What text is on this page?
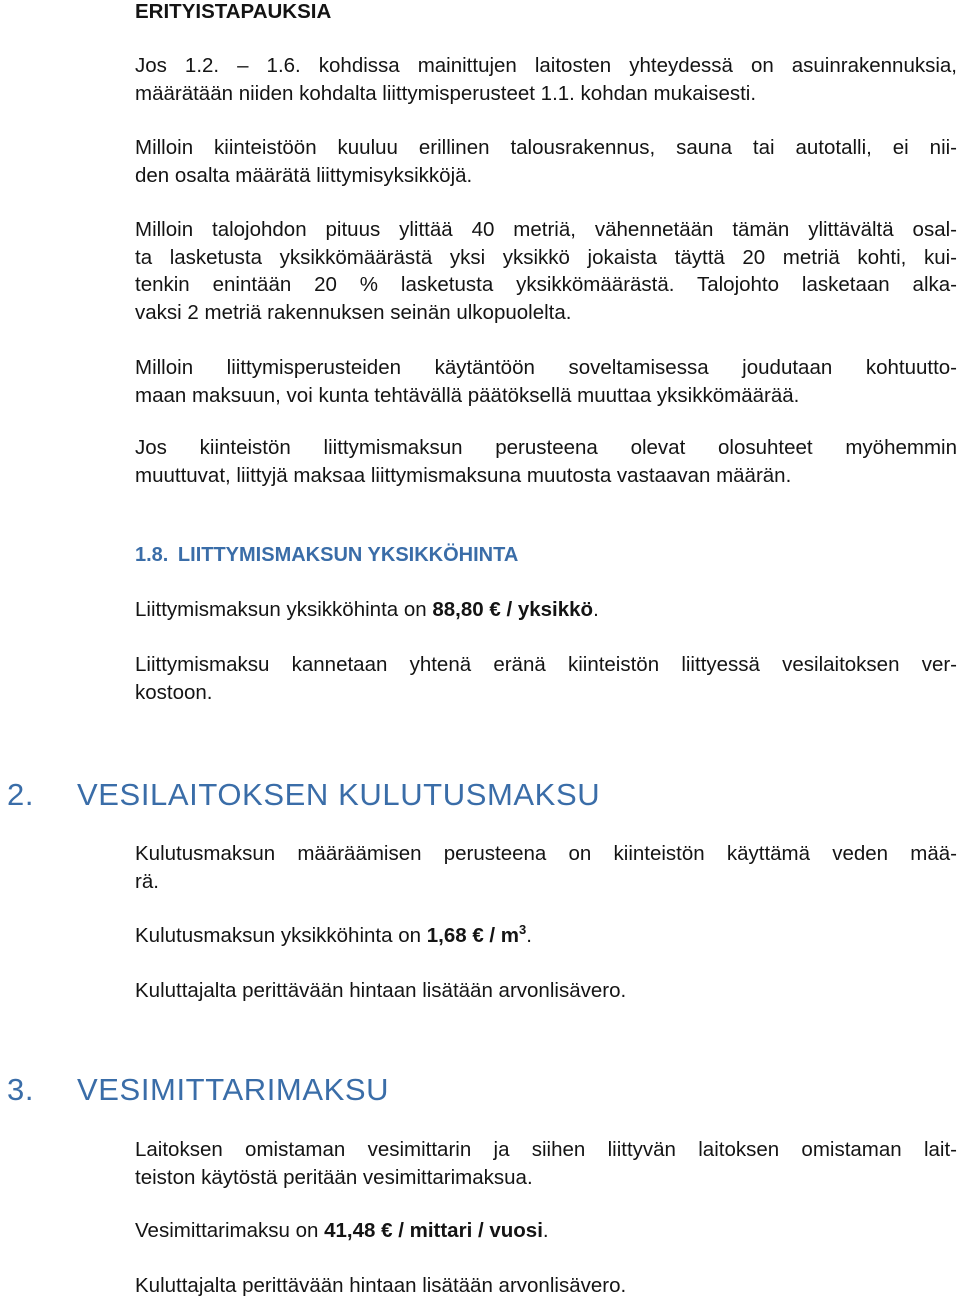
ERITYISTAPAUKSIA
Jos 1.2. – 1.6. kohdissa mainittujen laitosten yhteydessä on asuinrakennuksia,
määrätään niiden kohdalta liittymisperusteet 1.1. kohdan mukaisesti.
Milloin kiinteistöön kuuluu erillinen talousrakennus, sauna tai autotalli, ei nii-
den osalta määrätä liittymisyksikköjä.
Milloin talojohdon pituus ylittää 40 metriä, vähennetään tämän ylittävältä osal-
ta lasketusta yksikkömäärästä yksi yksikkö jokaista täyttä 20 metriä kohti, kui-
tenkin enintään 20 % lasketusta yksikkömäärästä. Talojohto lasketaan alka-
vaksi 2 metriä rakennuksen seinän ulkopuolelta.
Milloin liittymisperusteiden käytäntöön soveltamisessa joudutaan kohtuutto-
maan maksuun, voi kunta tehtävällä päätöksellä muuttaa yksikkömäärää.
Jos kiinteistön liittymismaksun perusteena olevat olosuhteet myöhemmin
muuttuvat, liittyjä maksaa liittymismaksuna muutosta vastaavan määrän.
1.8. LIITTYMISMAKSUN YKSIKKÖHINTA
Liittymismaksun yksikköhinta on 88,80 € / yksikkö.
Liittymismaksu kannetaan yhtenä eränä kiinteistön liittyessä vesilaitoksen ver-
kostoon.
2. VESILAITOKSEN KULUTUSMAKSU
Kulutusmaksun määräämisen perusteena on kiinteistön käyttämä veden mää-
rä.
Kulutusmaksun yksikköhinta on 1,68 € / $m^3$.
Kuluttajalta perittävään hintaan lisätään arvonlisävero.
3. VESIMITTARIMAKSU
Laitoksen omistaman vesimittarin ja siihen liittyvän laitoksen omistaman lait-
teiston käytöstä peritään vesimittarimaksua.
Vesimittarimaksu on 41,48 € / mittari / vuosi.
Kuluttajalta perittävään hintaan lisätään arvonlisävero.
